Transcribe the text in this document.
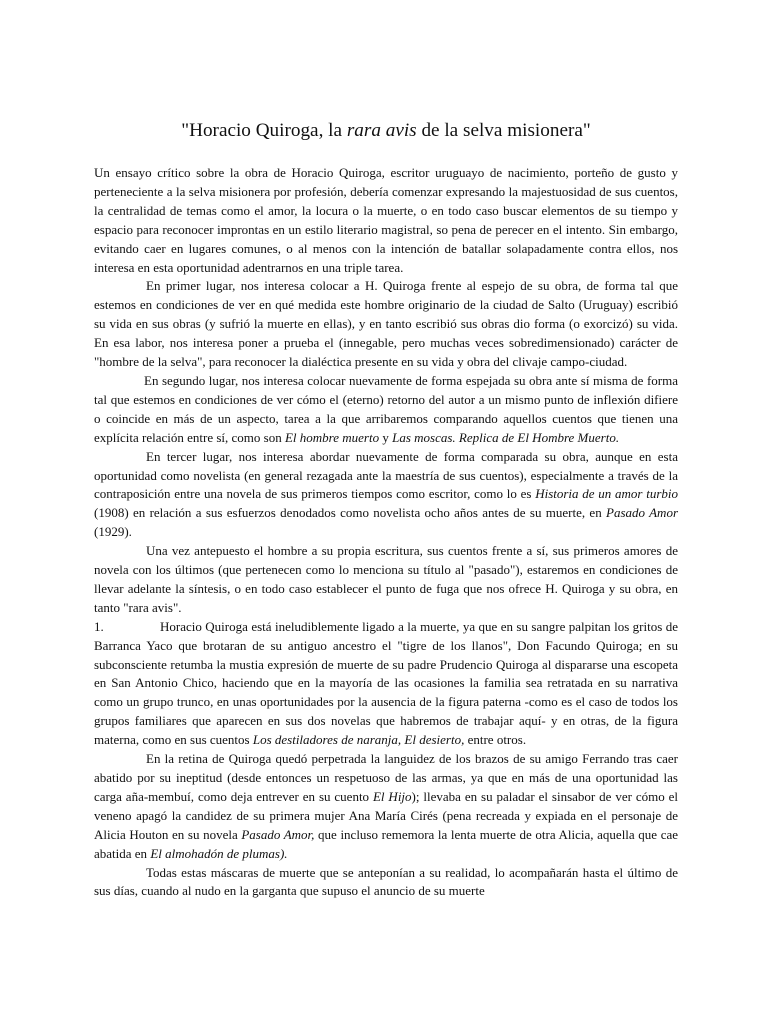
"Horacio Quiroga, la rara avis de la selva misionera"

Un ensayo crítico sobre la obra de Horacio Quiroga, escritor uruguayo de nacimiento, porteño de gusto y perteneciente a la selva misionera por profesión, debería comenzar expresando la majestuosidad de sus cuentos, la centralidad de temas como el amor, la locura o la muerte, o en todo caso buscar elementos de su tiempo y espacio para reconocer improntas en un estilo literario magistral, so pena de perecer en el intento. Sin embargo, evitando caer en lugares comunes, o al menos con la intención de batallar solapadamente contra ellos, nos interesa en esta oportunidad adentrarnos en una triple tarea.

En primer lugar, nos interesa colocar a H. Quiroga frente al espejo de su obra, de forma tal que estemos en condiciones de ver en qué medida este hombre originario de la ciudad de Salto (Uruguay) escribió su vida en sus obras (y sufrió la muerte en ellas), y en tanto escribió sus obras dio forma (o exorcizó) su vida. En esa labor, nos interesa poner a prueba el (innegable, pero muchas veces sobredimensionado) carácter de "hombre de la selva", para reconocer la dialéctica presente en su vida y obra del clivaje campo-ciudad.

En segundo lugar, nos interesa colocar nuevamente de forma espejada su obra ante sí misma de forma tal que estemos en condiciones de ver cómo el (eterno) retorno del autor a un mismo punto de inflexión difiere o coincide en más de un aspecto, tarea a la que arribaremos comparando aquellos cuentos que tienen una explícita relación entre sí, como son El hombre muerto y Las moscas. Replica de El Hombre Muerto.

En tercer lugar, nos interesa abordar nuevamente de forma comparada su obra, aunque en esta oportunidad como novelista (en general rezagada ante la maestría de sus cuentos), especialmente a través de la contraposición entre una novela de sus primeros tiempos como escritor, como lo es Historia de un amor turbio (1908) en relación a sus esfuerzos denodados como novelista ocho años antes de su muerte, en Pasado Amor (1929).

Una vez antepuesto el hombre a su propia escritura, sus cuentos frente a sí, sus primeros amores de novela con los últimos (que pertenecen como lo menciona su título al "pasado"), estaremos en condiciones de llevar adelante la síntesis, o en todo caso establecer el punto de fuga que nos ofrece H. Quiroga y su obra, en tanto "rara avis".

1.	Horacio Quiroga está ineludiblemente ligado a la muerte, ya que en su sangre palpitan los gritos de Barranca Yaco que brotaran de su antiguo ancestro el "tigre de los llanos", Don Facundo Quiroga; en su subconsciente retumba la mustia expresión de muerte de su padre Prudencio Quiroga al dispararse una escopeta en San Antonio Chico, haciendo que en la mayoría de las ocasiones la familia sea retratada en su narrativa como un grupo trunco, en unas oportunidades por la ausencia de la figura paterna -como es el caso de todos los grupos familiares que aparecen en sus dos novelas que habremos de trabajar aquí- y en otras, de la figura materna, como en sus cuentos Los destiladores de naranja, El desierto, entre otros.

En la retina de Quiroga quedó perpetrada la languidez de los brazos de su amigo Ferrando tras caer abatido por su ineptitud (desde entonces un respetuoso de las armas, ya que en más de una oportunidad las carga aña-membuí, como deja entrever en su cuento El Hijo); llevaba en su paladar el sinsabor de ver cómo el veneno apagó la candidez de su primera mujer Ana María Cirés (pena recreada y expiada en el personaje de Alicia Houton en su novela Pasado Amor, que incluso rememora la lenta muerte de otra Alicia, aquella que cae abatida en El almohadón de plumas).

Todas estas máscaras de muerte que se anteponían a su realidad, lo acompañarán hasta el último de sus días, cuando al nudo en la garganta que supuso el anuncio de su muerte
